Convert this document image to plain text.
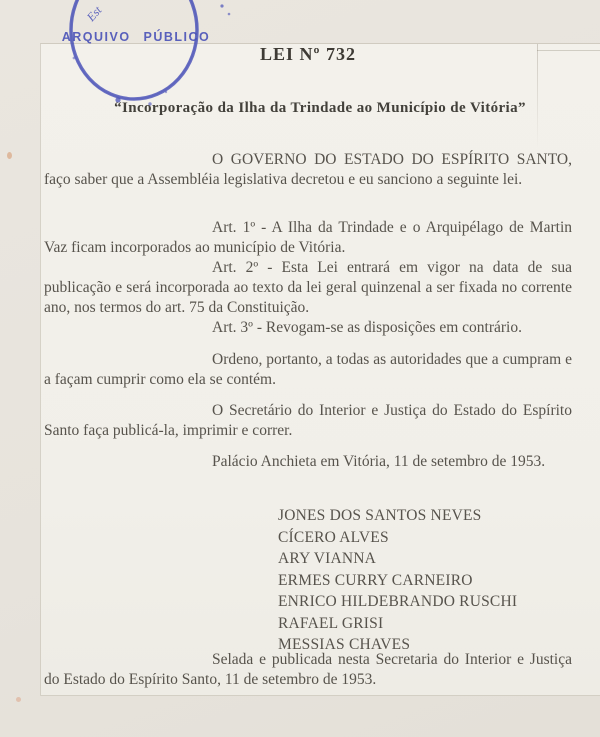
ARQUIVO PÚBLICO
Est
LEI Nº 732
“Incorporação da Ilha da Trindade ao Município de Vitória”

O GOVERNO DO ESTADO DO ESPÍRITO SANTO, faço saber que a Assembléia legislativa decretou e eu sanciono a seguinte lei.

Art. 1º - A Ilha da Trindade e o Arquipélago de Martin Vaz ficam incorporados ao município de Vitória.

Art. 2º - Esta Lei entrará em vigor na data de sua publicação e será incorporada ao texto da lei geral quinzenal a ser fixada no corrente ano, nos termos do art. 75 da Constituição.

Art. 3º - Revogam-se as disposições em contrário.

Ordeno, portanto, a todas as autoridades que a cumpram e a façam cumprir como ela se contém.

O Secretário do Interior e Justiça do Estado do Espírito Santo faça publicá-la, imprimir e correr.

Palácio Anchieta em Vitória, 11 de setembro de 1953.

JONES DOS SANTOS NEVES
CÍCERO ALVES
ARY VIANNA
ERMES CURRY CARNEIRO
ENRICO HILDEBRANDO RUSCHI
RAFAEL GRISI
MESSIAS CHAVES

Selada e publicada nesta Secretaria do Interior e Justiça do Estado do Espírito Santo, 11 de setembro de 1953.
